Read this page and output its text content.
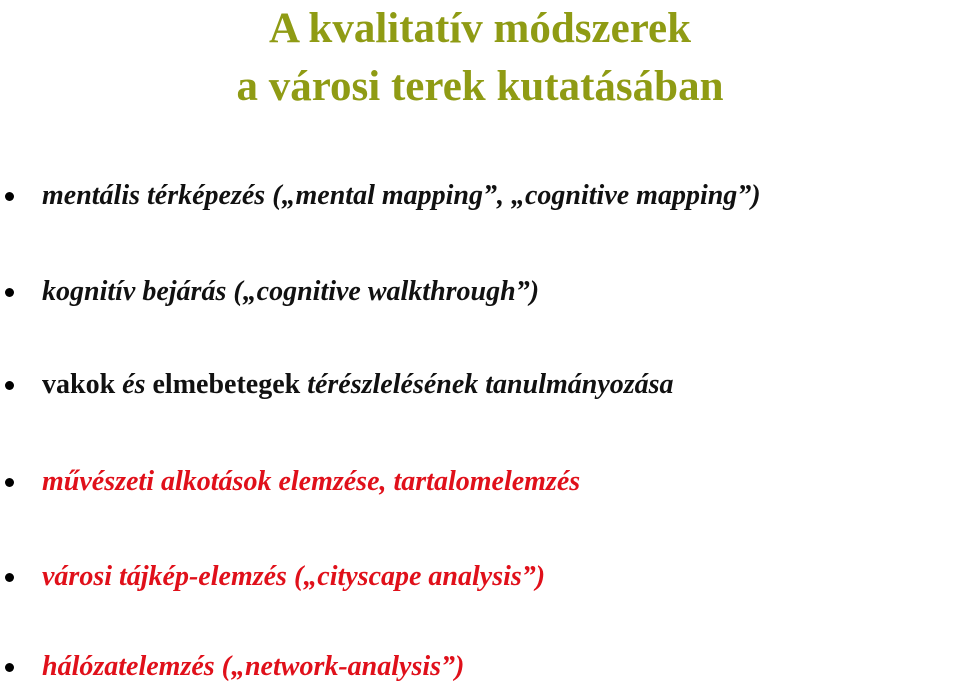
A kvalitatív módszerek
a városi terek kutatásában
mentális térképezés („mental mapping”, „cognitive mapping”)
kognitív bejárás („cognitive walkthrough”)
vakok és elmebetegek térészlelésének tanulmányozása
művészeti alkotások elemzése, tartalomelemzés
városi tájkép-elemzés („cityscape analysis”)
hálózatelemzés („network-analysis”)
